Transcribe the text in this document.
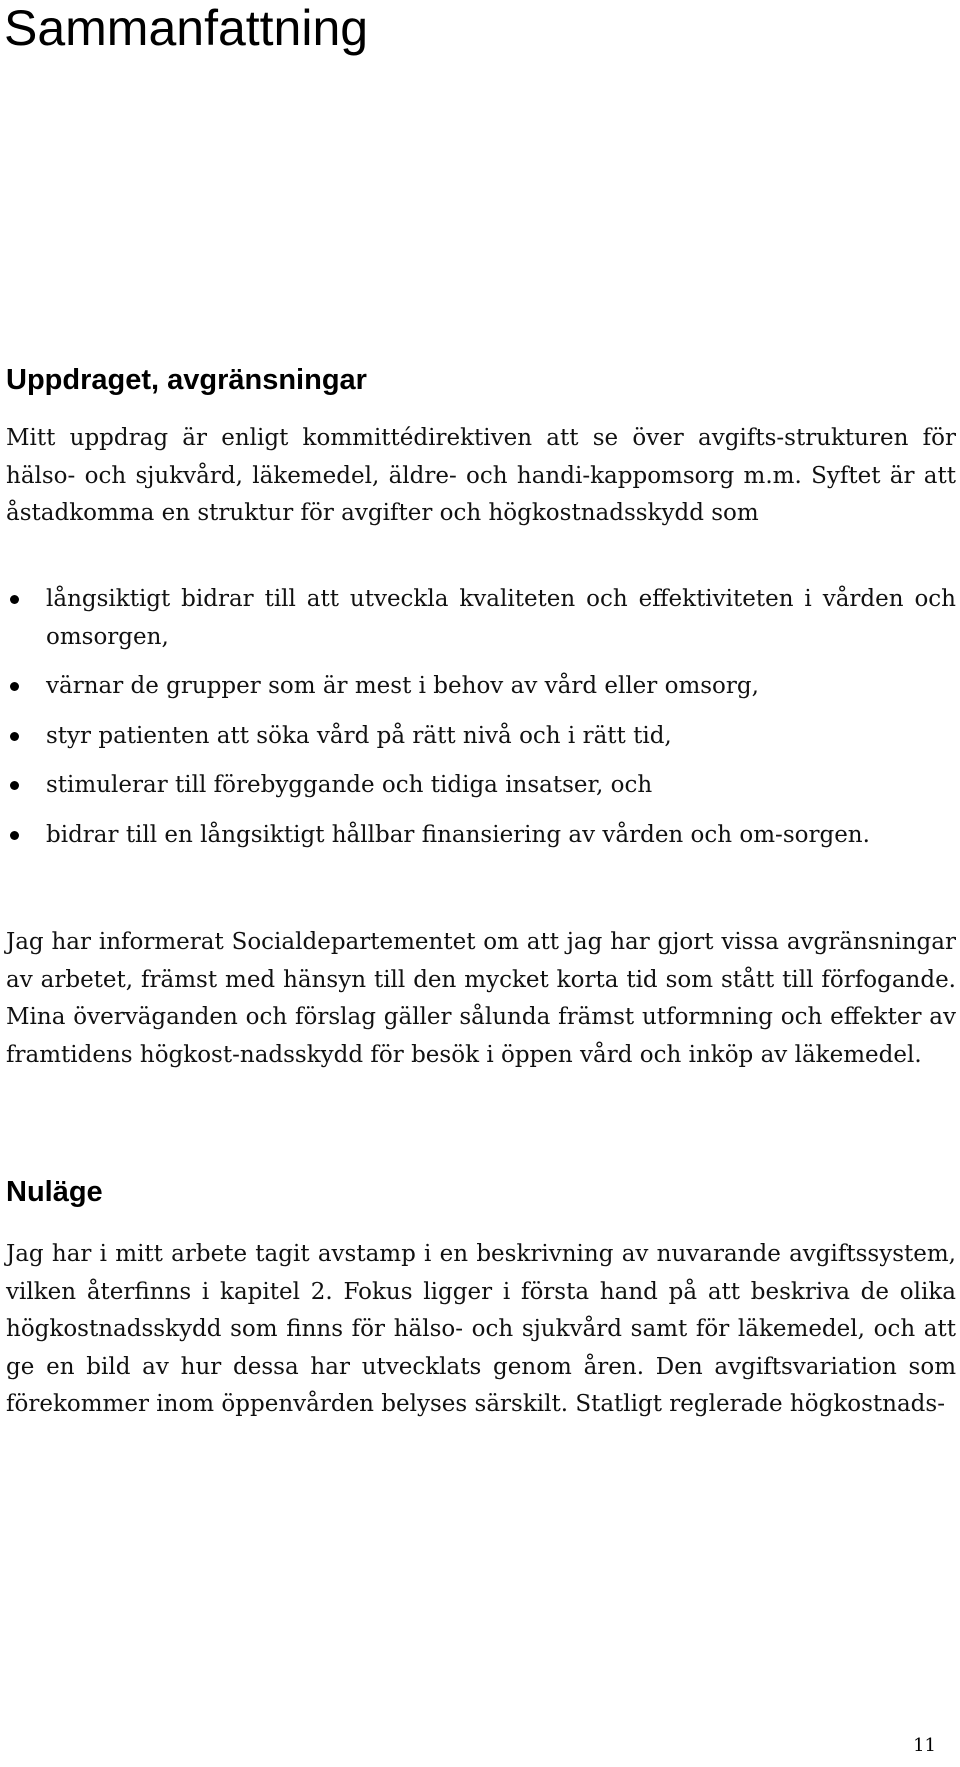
Sammanfattning
Uppdraget, avgränsningar

Mitt uppdrag är enligt kommittédirektiven att se över avgifts-strukturen för hälso- och sjukvård, läkemedel, äldre- och handi-kappomsorg m.m. Syftet är att åstadkomma en struktur för avgifter och högkostnadsskydd som

långsiktigt bidrar till att utveckla kvaliteten och effektiviteten i vården och omsorgen,
värnar de grupper som är mest i behov av vård eller omsorg,
styr patienten att söka vård på rätt nivå och i rätt tid,
stimulerar till förebyggande och tidiga insatser, och
bidrar till en långsiktigt hållbar finansiering av vården och om-sorgen.

Jag har informerat Socialdepartementet om att jag har gjort vissa avgränsningar av arbetet, främst med hänsyn till den mycket korta tid som stått till förfogande. Mina överväganden och förslag gäller sålunda främst utformning och effekter av framtidens högkost-nadsskydd för besök i öppen vård och inköp av läkemedel.

Nuläge

Jag har i mitt arbete tagit avstamp i en beskrivning av nuvarande avgiftssystem, vilken återfinns i kapitel 2. Fokus ligger i första hand på att beskriva de olika högkostnadsskydd som finns för hälso- och sjukvård samt för läkemedel, och att ge en bild av hur dessa har utvecklats genom åren. Den avgiftsvariation som förekommer inom öppenvården belyses särskilt. Statligt reglerade högkostnads-

11
